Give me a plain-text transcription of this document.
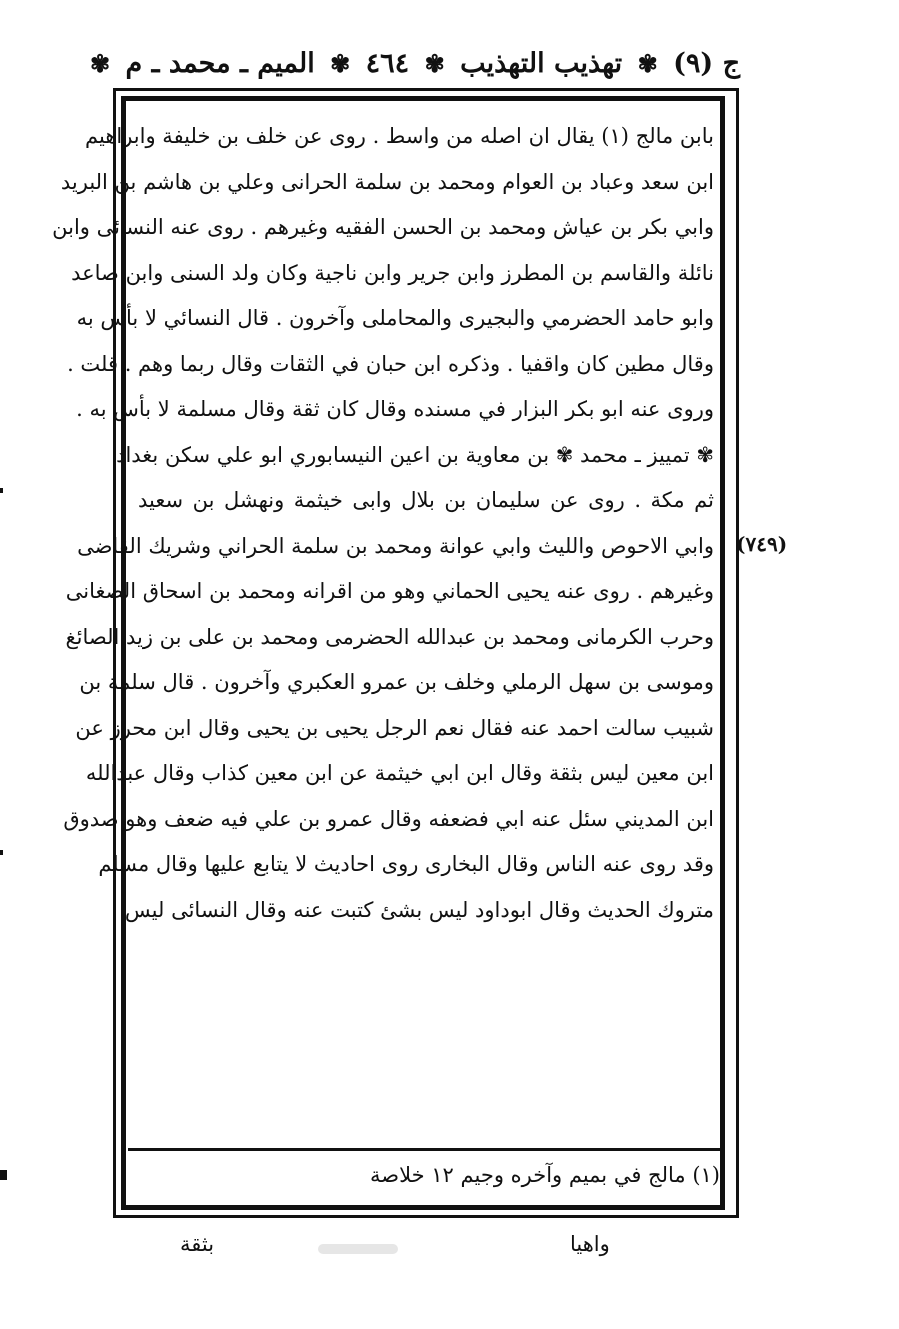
ج (٩) ✾ تهذيب التهذيب ✾ ٤٦٤ ✾ الميم ـ محمد ـ م ✾
بابن مالج (١) يقال ان اصله من واسط . روى عن خلف بن خليفة وابراهيم
ابن سعد وعباد بن العوام ومحمد بن سلمة الحرانى وعلي بن هاشم بن البريد
وابي بكر بن عياش ومحمد بن الحسن الفقيه وغيرهم . روى عنه النسائى وابن
نائلة والقاسم بن المطرز وابن جرير وابن ناجية وكان ولد السنى وابن صاعد
وابو حامد الحضرمي والبجيرى والمحاملى وآخرون . قال النسائي لا بأس به
وقال مطين كان واقفيا . وذكره ابن حبان في الثقات وقال ربما وهم . قلت .
وروى عنه ابو بكر البزار في مسنده وقال كان ثقة وقال مسلمة لا بأس به .
✾ تمييز ـ محمد ✾ بن معاوية بن اعين النيسابوري ابو علي سكن بغداد
ثم مكة . روى عن سليمان بن بلال وابى خيثمة ونهشل بن سعيد
وابي الاحوص والليث وابي عوانة ومحمد بن سلمة الحراني وشريك القاضى
وغيرهم . روى عنه يحيى الحماني وهو من اقرانه ومحمد بن اسحاق الصغانى
وحرب الكرمانى ومحمد بن عبدالله الحضرمى ومحمد بن على بن زيد الصائغ
وموسى بن سهل الرملي وخلف بن عمرو العكبري وآخرون . قال سلمة بن
شبيب سالت احمد عنه فقال نعم الرجل يحيى بن يحيى وقال ابن محرز عن
ابن معين ليس بثقة وقال ابن ابي خيثمة عن ابن معين كذاب وقال عبدالله
ابن المديني سئل عنه ابي فضعفه وقال عمرو بن علي فيه ضعف وهو صدوق
وقد روى عنه الناس وقال البخارى روى احاديث لا يتابع عليها وقال مسلم
متروك الحديث وقال ابوداود ليس بشئ كتبت عنه وقال النسائى ليس
(٧٤٩)
(١) مالج في بميم وآخره وجيم ١٢ خلاصة
بثقة	واهيا
